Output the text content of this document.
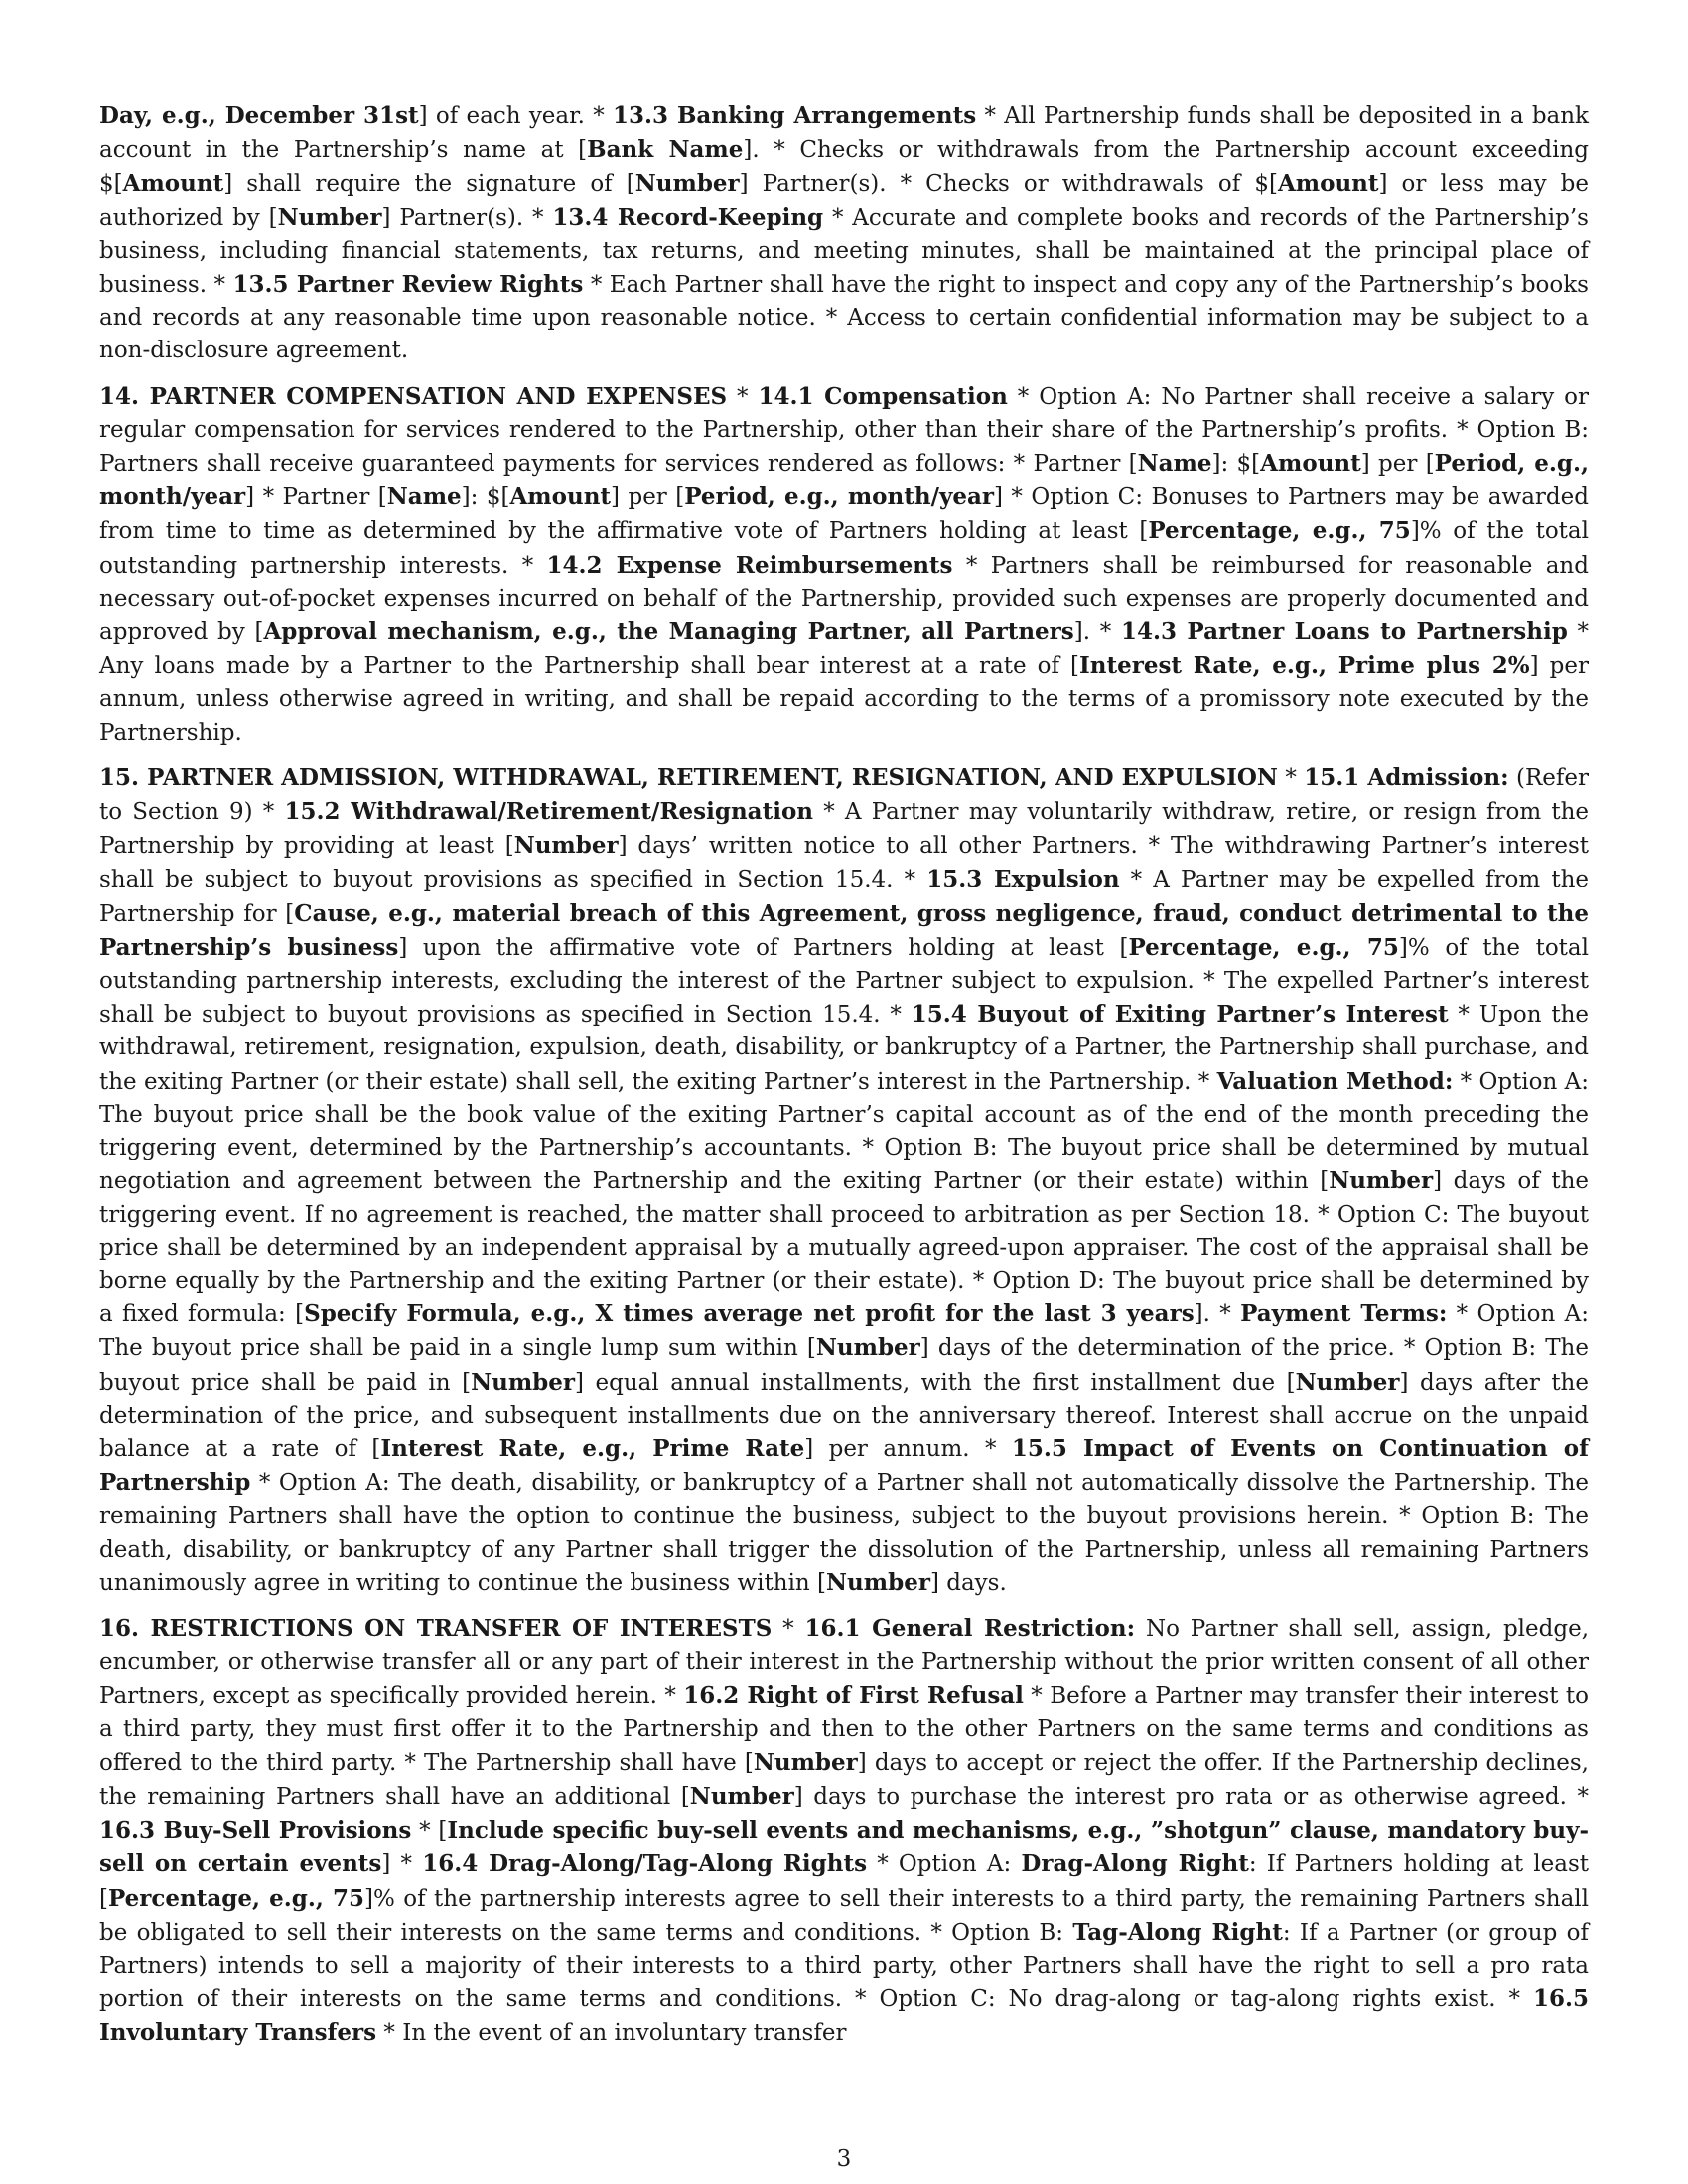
Day, e.g., December 31st] of each year. * 13.3 Banking Arrangements * All Partnership funds shall be deposited in a bank account in the Partnership’s name at [Bank Name]. * Checks or withdrawals from the Partnership account exceeding $[Amount] shall require the signature of [Number] Partner(s). * Checks or withdrawals of $[Amount] or less may be authorized by [Number] Partner(s). * 13.4 Record-Keeping * Accurate and complete books and records of the Partnership’s business, including financial statements, tax returns, and meeting minutes, shall be maintained at the principal place of business. * 13.5 Partner Review Rights * Each Partner shall have the right to inspect and copy any of the Partnership’s books and records at any reasonable time upon reasonable notice. * Access to certain confidential information may be subject to a non-disclosure agreement.

14. PARTNER COMPENSATION AND EXPENSES * 14.1 Compensation * Option A: No Partner shall receive a salary or regular compensation for services rendered to the Partnership, other than their share of the Partnership’s profits. * Option B: Partners shall receive guaranteed payments for services rendered as follows: * Partner [Name]: $[Amount] per [Period, e.g., month/year] * Partner [Name]: $[Amount] per [Period, e.g., month/year] * Option C: Bonuses to Partners may be awarded from time to time as determined by the affirmative vote of Partners holding at least [Percentage, e.g., 75]% of the total outstanding partnership interests. * 14.2 Expense Reimbursements * Partners shall be reimbursed for reasonable and necessary out-of-pocket expenses incurred on behalf of the Partnership, provided such expenses are properly documented and approved by [Approval mechanism, e.g., the Managing Partner, all Partners]. * 14.3 Partner Loans to Partnership * Any loans made by a Partner to the Partnership shall bear interest at a rate of [Interest Rate, e.g., Prime plus 2%] per annum, unless otherwise agreed in writing, and shall be repaid according to the terms of a promissory note executed by the Partnership.

15. PARTNER ADMISSION, WITHDRAWAL, RETIREMENT, RESIGNATION, AND EXPULSION * 15.1 Admission: (Refer to Section 9) * 15.2 Withdrawal/Retirement/Resignation * A Partner may voluntarily withdraw, retire, or resign from the Partnership by providing at least [Number] days’ written notice to all other Partners. * The withdrawing Partner’s interest shall be subject to buyout provisions as specified in Section 15.4. * 15.3 Expulsion * A Partner may be expelled from the Partnership for [Cause, e.g., material breach of this Agreement, gross negligence, fraud, conduct detrimental to the Partnership’s business] upon the affirmative vote of Partners holding at least [Percentage, e.g., 75]% of the total outstanding partnership interests, excluding the interest of the Partner subject to expulsion. * The expelled Partner’s interest shall be subject to buyout provisions as specified in Section 15.4. * 15.4 Buyout of Exiting Partner’s Interest * Upon the withdrawal, retirement, resignation, expulsion, death, disability, or bankruptcy of a Partner, the Partnership shall purchase, and the exiting Partner (or their estate) shall sell, the exiting Partner’s interest in the Partnership. * Valuation Method: * Option A: The buyout price shall be the book value of the exiting Partner’s capital account as of the end of the month preceding the triggering event, determined by the Partnership’s accountants. * Option B: The buyout price shall be determined by mutual negotiation and agreement between the Partnership and the exiting Partner (or their estate) within [Number] days of the triggering event. If no agreement is reached, the matter shall proceed to arbitration as per Section 18. * Option C: The buyout price shall be determined by an independent appraisal by a mutually agreed-upon appraiser. The cost of the appraisal shall be borne equally by the Partnership and the exiting Partner (or their estate). * Option D: The buyout price shall be determined by a fixed formula: [Specify Formula, e.g., X times average net profit for the last 3 years]. * Payment Terms: * Option A: The buyout price shall be paid in a single lump sum within [Number] days of the determination of the price. * Option B: The buyout price shall be paid in [Number] equal annual installments, with the first installment due [Number] days after the determination of the price, and subsequent installments due on the anniversary thereof. Interest shall accrue on the unpaid balance at a rate of [Interest Rate, e.g., Prime Rate] per annum. * 15.5 Impact of Events on Continuation of Partnership * Option A: The death, disability, or bankruptcy of a Partner shall not automatically dissolve the Partnership. The remaining Partners shall have the option to continue the business, subject to the buyout provisions herein. * Option B: The death, disability, or bankruptcy of any Partner shall trigger the dissolution of the Partnership, unless all remaining Partners unanimously agree in writing to continue the business within [Number] days.

16. RESTRICTIONS ON TRANSFER OF INTERESTS * 16.1 General Restriction: No Partner shall sell, assign, pledge, encumber, or otherwise transfer all or any part of their interest in the Partnership without the prior written consent of all other Partners, except as specifically provided herein. * 16.2 Right of First Refusal * Before a Partner may transfer their interest to a third party, they must first offer it to the Partnership and then to the other Partners on the same terms and conditions as offered to the third party. * The Partnership shall have [Number] days to accept or reject the offer. If the Partnership declines, the remaining Partners shall have an additional [Number] days to purchase the interest pro rata or as otherwise agreed. * 16.3 Buy-Sell Provisions * [Include specific buy-sell events and mechanisms, e.g., ”shotgun” clause, mandatory buy-sell on certain events] * 16.4 Drag-Along/Tag-Along Rights * Option A: Drag-Along Right: If Partners holding at least [Percentage, e.g., 75]% of the partnership interests agree to sell their interests to a third party, the remaining Partners shall be obligated to sell their interests on the same terms and conditions. * Option B: Tag-Along Right: If a Partner (or group of Partners) intends to sell a majority of their interests to a third party, other Partners shall have the right to sell a pro rata portion of their interests on the same terms and conditions. * Option C: No drag-along or tag-along rights exist. * 16.5 Involuntary Transfers * In the event of an involuntary transfer

3
